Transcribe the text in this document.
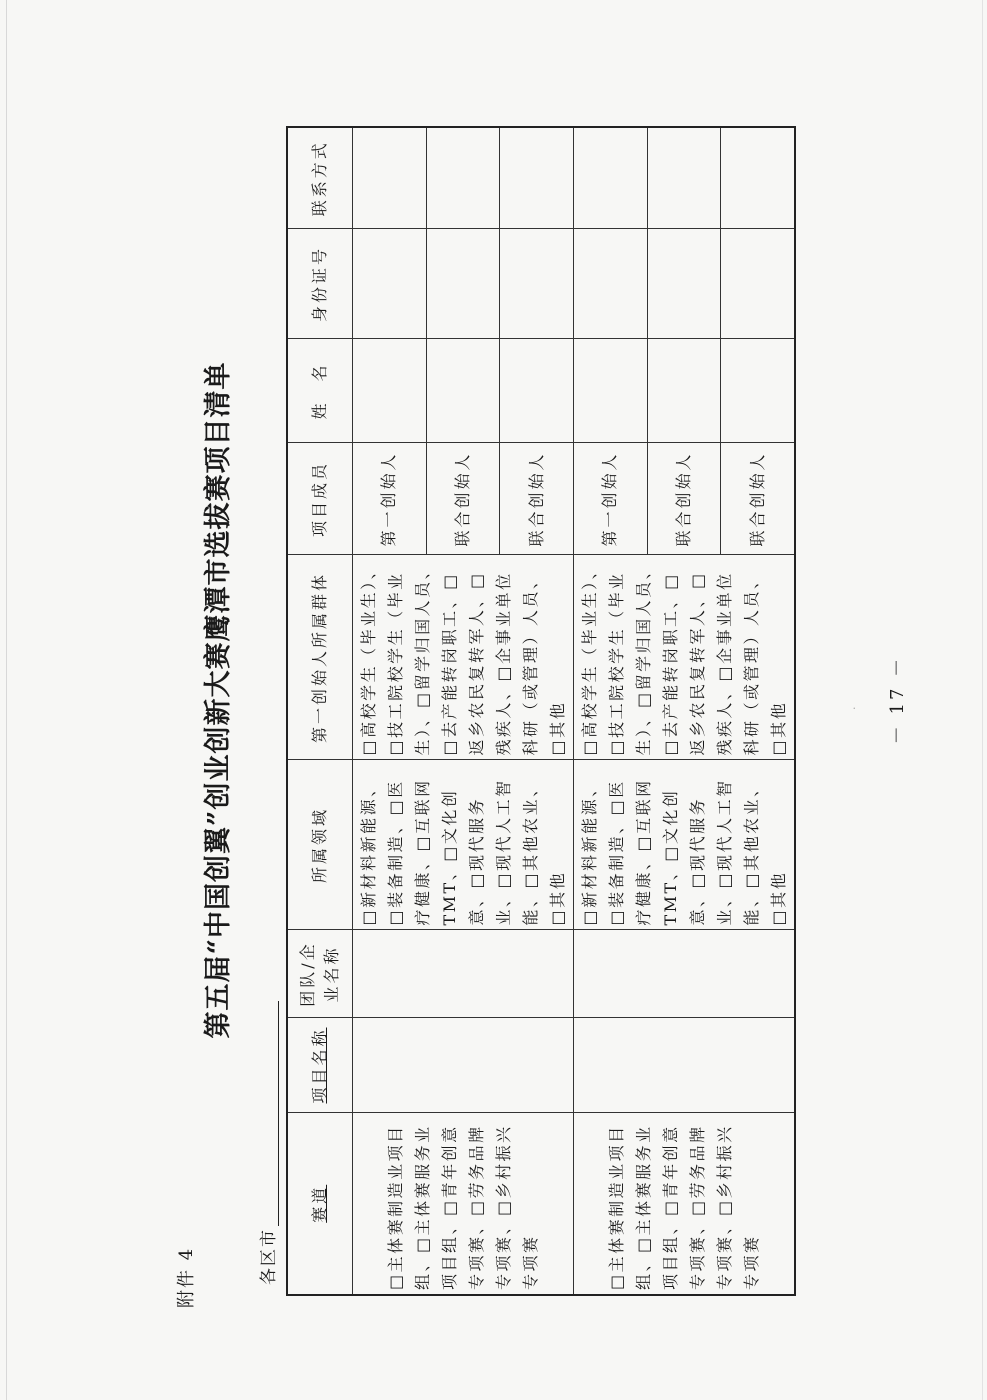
附件 4
第五届“中国创翼”创业创新大赛鹰潭市选拔赛项目清单
各区市
赛道	项目名称	团队/企业名称	所属领域	第一创始人所属群体	项目成员	姓　名	身份证号	联系方式
□主体赛制造业项目组、□主体赛服务业项目组、□青年创意专项赛、□劳务品牌专项赛、□乡村振兴专项赛			□新材料新能源、□装备制造、□医疗健康、□互联网TMT、□文化创意、□现代服务业、□现代人工智能、□其他农业、□其他	□高校学生（毕业生）、□技工院校学生（毕业生）、□留学归国人员、□去产能转岗职工、□返乡农民复转军人、□残疾人、□企事业单位科研（或管理）人员、□其他	第一创始人			
					联合创始人			
					联合创始人			
□主体赛制造业项目组、□主体赛服务业项目组、□青年创意专项赛、□劳务品牌专项赛、□乡村振兴专项赛			□新材料新能源、□装备制造、□医疗健康、□互联网TMT、□文化创意、□现代服务业、□现代人工智能、□其他农业、□其他	□高校学生（毕业生）、□技工院校学生（毕业生）、□留学归国人员、□去产能转岗职工、□返乡农民复转军人、□残疾人、□企事业单位科研（或管理）人员、□其他	第一创始人			
					联合创始人			
					联合创始人			
· － 17 －
